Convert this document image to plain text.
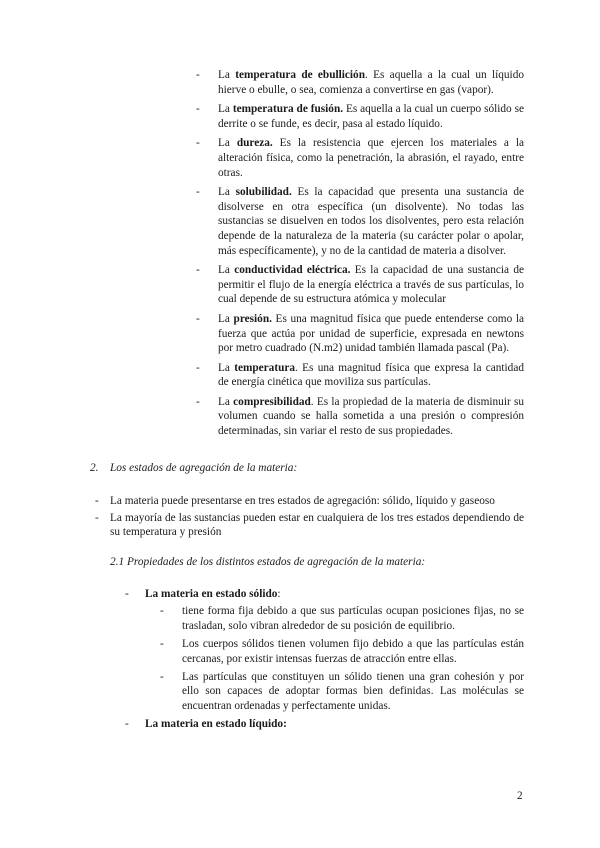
-	La temperatura de ebullición. Es aquella a la cual un líquido hierve o ebulle, o sea, comienza a convertirse en gas (vapor).
-	La temperatura de fusión. Es aquella a la cual un cuerpo sólido se derrite o se funde, es decir, pasa al estado líquido.
-	La dureza. Es la resistencia que ejercen los materiales a la alteración física, como la penetración, la abrasión, el rayado, entre otras.
-	La solubilidad. Es la capacidad que presenta una sustancia de disolverse en otra específica (un disolvente). No todas las sustancias se disuelven en todos los disolventes, pero esta relación depende de la naturaleza de la materia (su carácter polar o apolar, más específicamente), y no de la cantidad de materia a disolver.
-	La conductividad eléctrica. Es la capacidad de una sustancia de permitir el flujo de la energía eléctrica a través de sus partículas, lo cual depende de su estructura atómica y molecular
-	La presión. Es una magnitud física que puede entenderse como la fuerza que actúa por unidad de superficie, expresada en newtons por metro cuadrado (N.m2) unidad también llamada pascal (Pa).
-	La temperatura. Es una magnitud física que expresa la cantidad de energía cinética que moviliza sus partículas.
-	La compresibilidad. Es la propiedad de la materia de disminuir su volumen cuando se halla sometida a una presión o compresión determinadas, sin variar el resto de sus propiedades.
2.	Los estados de agregación de la materia:
- La materia puede presentarse en tres estados de agregación: sólido, líquido y gaseoso
- La mayoría de las sustancias pueden estar en cualquiera de los tres estados dependiendo de su temperatura y presión
2.1 Propiedades de los distintos estados de agregación de la materia:
-	La materia en estado sólido:
-	tiene forma fija debido a que sus partículas ocupan posiciones fijas, no se trasladan, solo vibran alrededor de su posición de equilibrio.
-	Los cuerpos sólidos tienen volumen fijo debido a que las partículas están cercanas, por existir intensas fuerzas de atracción entre ellas.
-	Las partículas que constituyen un sólido tienen una gran cohesión y por ello son capaces de adoptar formas bien definidas. Las moléculas se encuentran ordenadas y perfectamente unidas.
-	La materia en estado líquido:
2
